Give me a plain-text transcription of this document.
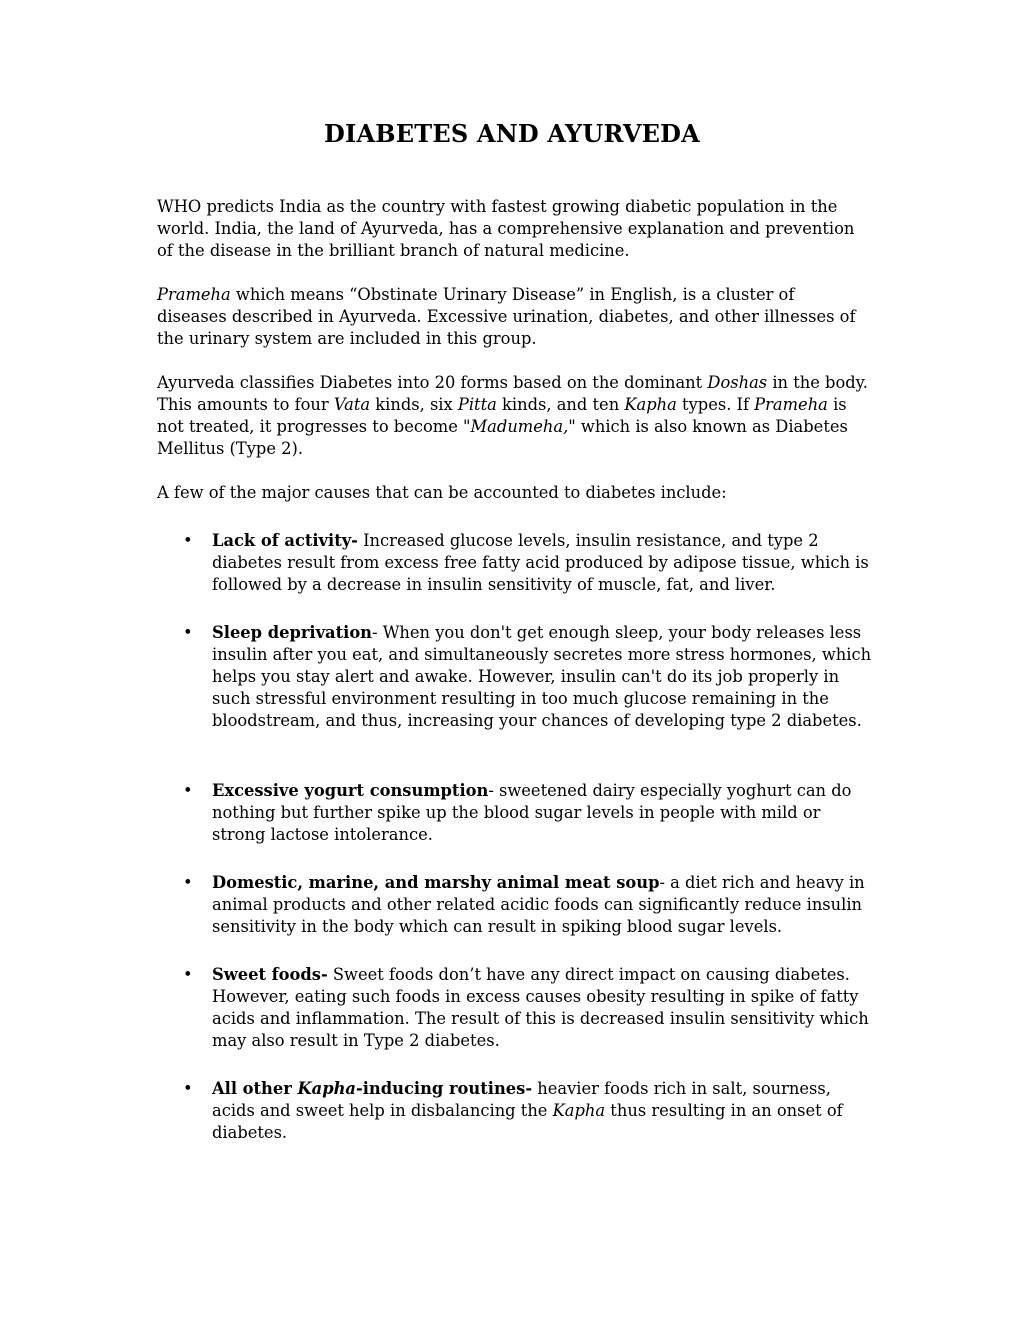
DIABETES AND AYURVEDA

WHO predicts India as the country with fastest growing diabetic population in the world. India, the land of Ayurveda, has a comprehensive explanation and prevention of the disease in the brilliant branch of natural medicine.

Prameha which means “Obstinate Urinary Disease” in English, is a cluster of diseases described in Ayurveda. Excessive urination, diabetes, and other illnesses of the urinary system are included in this group.

Ayurveda classifies Diabetes into 20 forms based on the dominant Doshas in the body. This amounts to four Vata kinds, six Pitta kinds, and ten Kapha types. If Prameha is not treated, it progresses to become "Madumeha," which is also known as Diabetes Mellitus (Type 2).

A few of the major causes that can be accounted to diabetes include:

• Lack of activity- Increased glucose levels, insulin resistance, and type 2 diabetes result from excess free fatty acid produced by adipose tissue, which is followed by a decrease in insulin sensitivity of muscle, fat, and liver.
• Sleep deprivation- When you don't get enough sleep, your body releases less insulin after you eat, and simultaneously secretes more stress hormones, which helps you stay alert and awake. However, insulin can't do its job properly in such stressful environment resulting in too much glucose remaining in the bloodstream, and thus, increasing your chances of developing type 2 diabetes.
• Excessive yogurt consumption- sweetened dairy especially yoghurt can do nothing but further spike up the blood sugar levels in people with mild or strong lactose intolerance.
• Domestic, marine, and marshy animal meat soup- a diet rich and heavy in animal products and other related acidic foods can significantly reduce insulin sensitivity in the body which can result in spiking blood sugar levels.
• Sweet foods- Sweet foods don’t have any direct impact on causing diabetes. However, eating such foods in excess causes obesity resulting in spike of fatty acids and inflammation. The result of this is decreased insulin sensitivity which may also result in Type 2 diabetes.
• All other Kapha-inducing routines- heavier foods rich in salt, sourness, acids and sweet help in disbalancing the Kapha thus resulting in an onset of diabetes.
